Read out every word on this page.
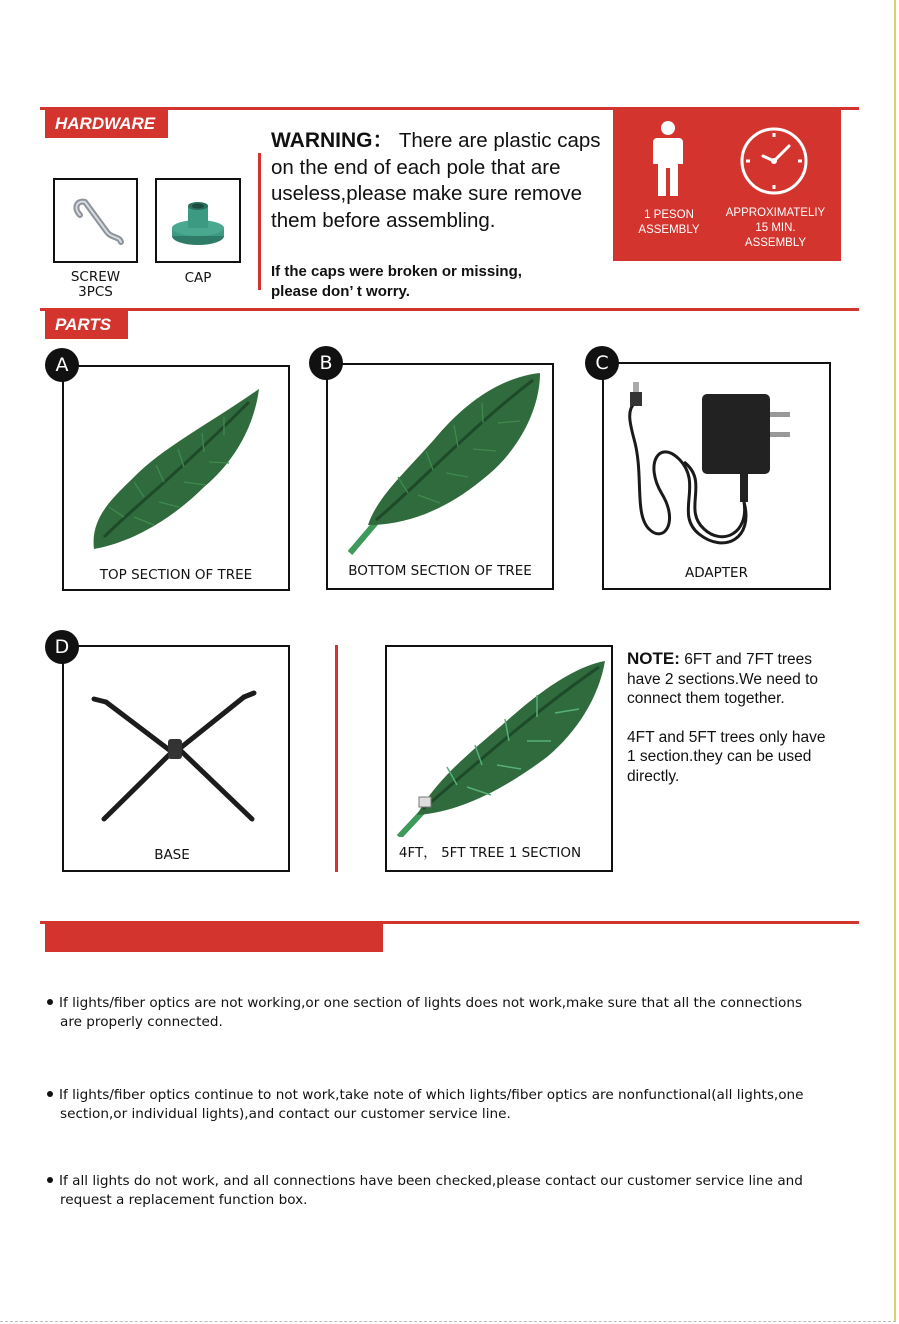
HARDWARE
SCREW
3PCS
CAP
WARNING： There are plastic caps
on the end of each pole that are
useless,please make sure remove
them before assembling.
If the caps were broken or missing,
please don’ t worry.
1 PESON
ASSEMBLY
APPROXIMATELIY
15 MIN.
ASSEMBLY
PARTS
A
TOP SECTION OF TREE
B
BOTTOM SECTION OF TREE
C
ADAPTER
D
BASE	4FT， 5FT TREE 1 SECTION
NOTE: 6FT and 7FT trees
have 2 sections.We need to
connect them together.

4FT and 5FT trees only have
1 section.they can be used
directly.
If lights/fiber optics are not working,or one section of lights does not work,make sure that all the connections
are properly connected.
If lights/fiber optics continue to not work,take note of which lights/fiber optics are nonfunctional(all lights,one
section,or individual lights),and contact our customer service line.
If all lights do not work, and all connections have been checked,please contact our customer service line and
request a replacement function box.
